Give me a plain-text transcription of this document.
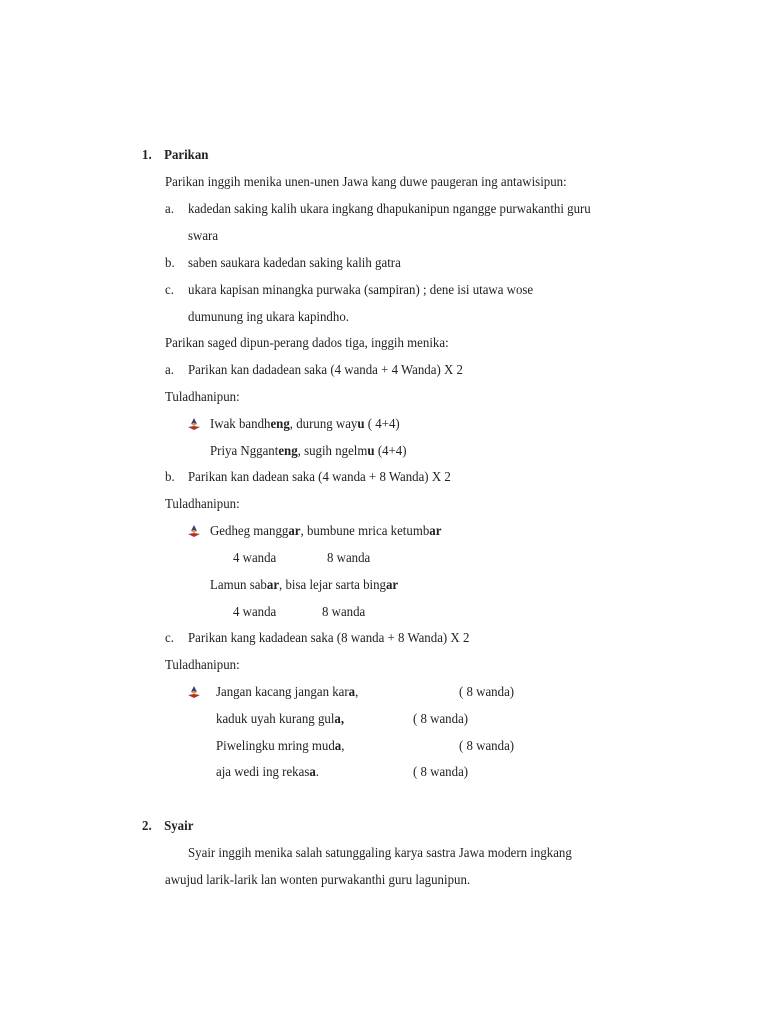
1. Parikan
Parikan inggih menika unen-unen Jawa kang duwe paugeran ing antawisipun:
a. kadedan saking kalih ukara ingkang dhapukanipun ngangge purwakanthi guru
swara
b. saben saukara kadedan saking kalih gatra
c. ukara kapisan minangka purwaka (sampiran) ; dene isi utawa wose
dumunung ing ukara kapindho.
Parikan saged dipun-perang dados tiga, inggih menika:
a. Parikan kan dadadean saka (4 wanda + 4 Wanda) X 2
Tuladhanipun:
Iwak bandheng, durung wayu ( 4+4)
Priya Ngganteng, sugih ngelmu (4+4)
b. Parikan kan dadean saka (4 wanda + 8 Wanda) X 2
Tuladhanipun:
Gedheg manggar, bumbune mrica ketumbar
4 wanda	8 wanda
Lamun sabar, bisa lejar sarta bingar
4 wanda	8 wanda
c. Parikan kang kadadean saka (8 wanda + 8 Wanda) X 2
Tuladhanipun:
Jangan kacang jangan kara,	( 8 wanda)
kaduk uyah kurang gula,	( 8 wanda)
Piwelingku mring muda,	( 8 wanda)
aja wedi ing rekasa.	( 8 wanda)
2. Syair
Syair inggih menika salah satunggaling karya sastra Jawa modern ingkang
awujud larik-larik lan wonten purwakanthi guru lagunipun.
